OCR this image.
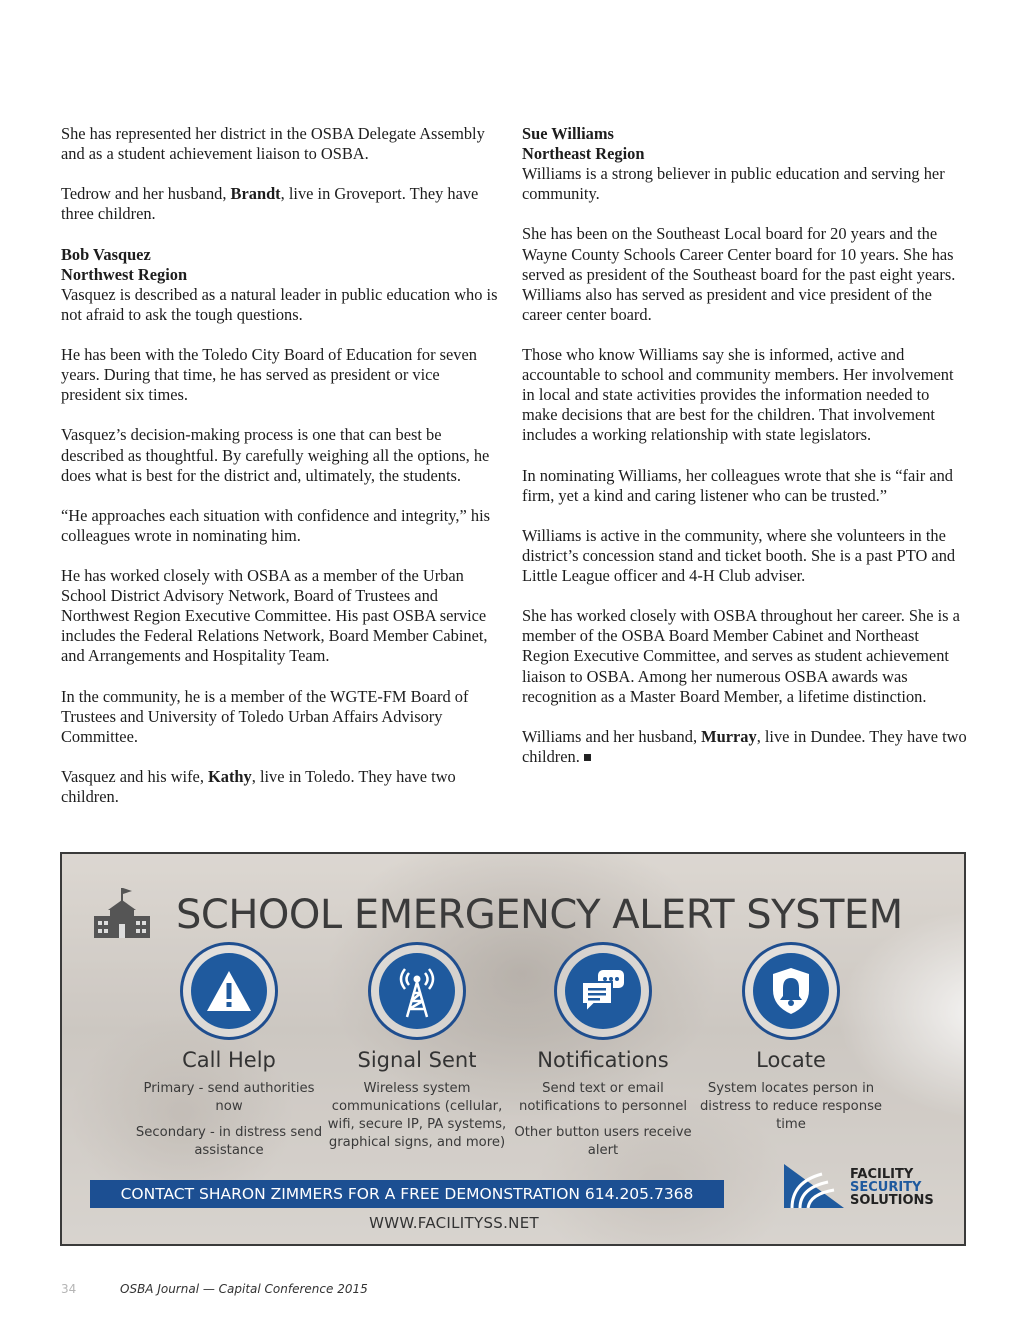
She has represented her district in the OSBA Delegate Assembly and as a student achievement liaison to OSBA.

Tedrow and her husband, Brandt, live in Groveport. They have three children.

Bob Vasquez
Northwest Region
Vasquez is described as a natural leader in public education who is not afraid to ask the tough questions.

He has been with the Toledo City Board of Education for seven years. During that time, he has served as president or vice president six times.

Vasquez’s decision-making process is one that can best be described as thoughtful. By carefully weighing all the options, he does what is best for the district and, ultimately, the students.

“He approaches each situation with confidence and integrity,” his colleagues wrote in nominating him.

He has worked closely with OSBA as a member of the Urban School District Advisory Network, Board of Trustees and Northwest Region Executive Committee. His past OSBA service includes the Federal Relations Network, Board Member Cabinet, and Arrangements and Hospitality Team.

In the community, he is a member of the WGTE-FM Board of Trustees and University of Toledo Urban Affairs Advisory Committee.

Vasquez and his wife, Kathy, live in Toledo. They have two children.

Sue Williams
Northeast Region
Williams is a strong believer in public education and serving her community.

She has been on the Southeast Local board for 20 years and the Wayne County Schools Career Center board for 10 years. She has served as president of the Southeast board for the past eight years. Williams also has served as president and vice president of the career center board.

Those who know Williams say she is informed, active and accountable to school and community members. Her involvement in local and state activities provides the information needed to make decisions that are best for the children. That involvement includes a working relationship with state legislators.

In nominating Williams, her colleagues wrote that she is “fair and firm, yet a kind and caring listener who can be trusted.”

Williams is active in the community, where she volunteers in the district’s concession stand and ticket booth. She is a past PTO and Little League officer and 4-H Club adviser.

She has worked closely with OSBA throughout her career. She is a member of the OSBA Board Member Cabinet and Northeast Region Executive Committee, and serves as student achievement liaison to OSBA. Among her numerous OSBA awards was recognition as a Master Board Member, a lifetime distinction.

Williams and her husband, Murray, live in Dundee. They have two children.

SCHOOL EMERGENCY ALERT SYSTEM
Call Help
Primary - send authorities now
Secondary - in distress send assistance
Signal Sent
Wireless system communications (cellular, wifi, secure IP, PA systems, graphical signs, and more)
Notifications
Send text or email notifications to personnel
Other button users receive alert
Locate
System locates person in distress to reduce response time
CONTACT SHARON ZIMMERS FOR A FREE DEMONSTRATION 614.205.7368
WWW.FACILITYSS.NET
FACILITY
SECURITY
SOLUTIONS
34	OSBA Journal — Capital Conference 2015
